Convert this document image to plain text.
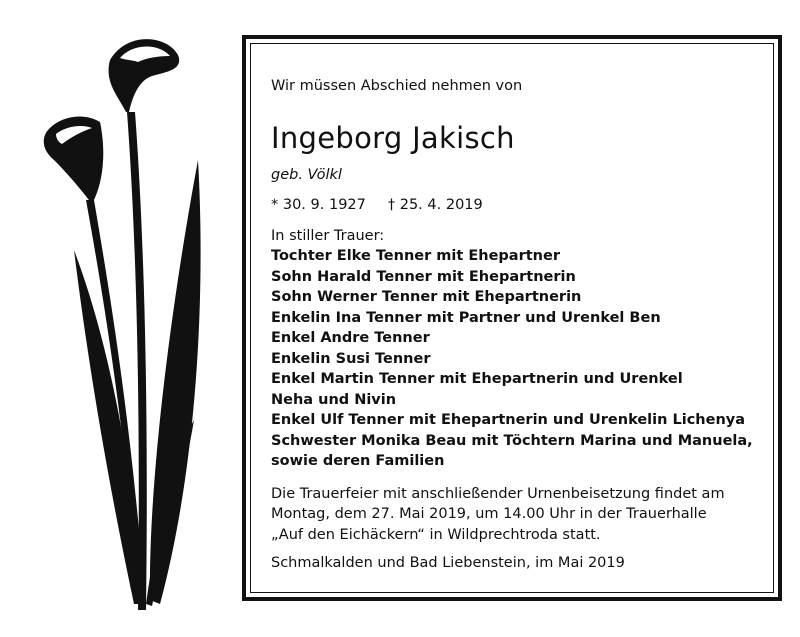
Wir müssen Abschied nehmen von

Ingeborg Jakisch
geb. Völkl
* 30. 9. 1927 † 25. 4. 2019
In stiller Trauer:
Tochter Elke Tenner mit Ehepartner
Sohn Harald Tenner mit Ehepartnerin
Sohn Werner Tenner mit Ehepartnerin
Enkelin Ina Tenner mit Partner und Urenkel Ben
Enkel Andre Tenner
Enkelin Susi Tenner
Enkel Martin Tenner mit Ehepartnerin und Urenkel
Neha und Nivin
Enkel Ulf Tenner mit Ehepartnerin und Urenkelin Lichenya
Schwester Monika Beau mit Töchtern Marina und Manuela,
sowie deren Familien
Die Trauerfeier mit anschließender Urnenbeisetzung findet am
Montag, dem 27. Mai 2019, um 14.00 Uhr in der Trauerhalle
„Auf den Eichäckern“ in Wildprechtroda statt.
Schmalkalden und Bad Liebenstein, im Mai 2019
